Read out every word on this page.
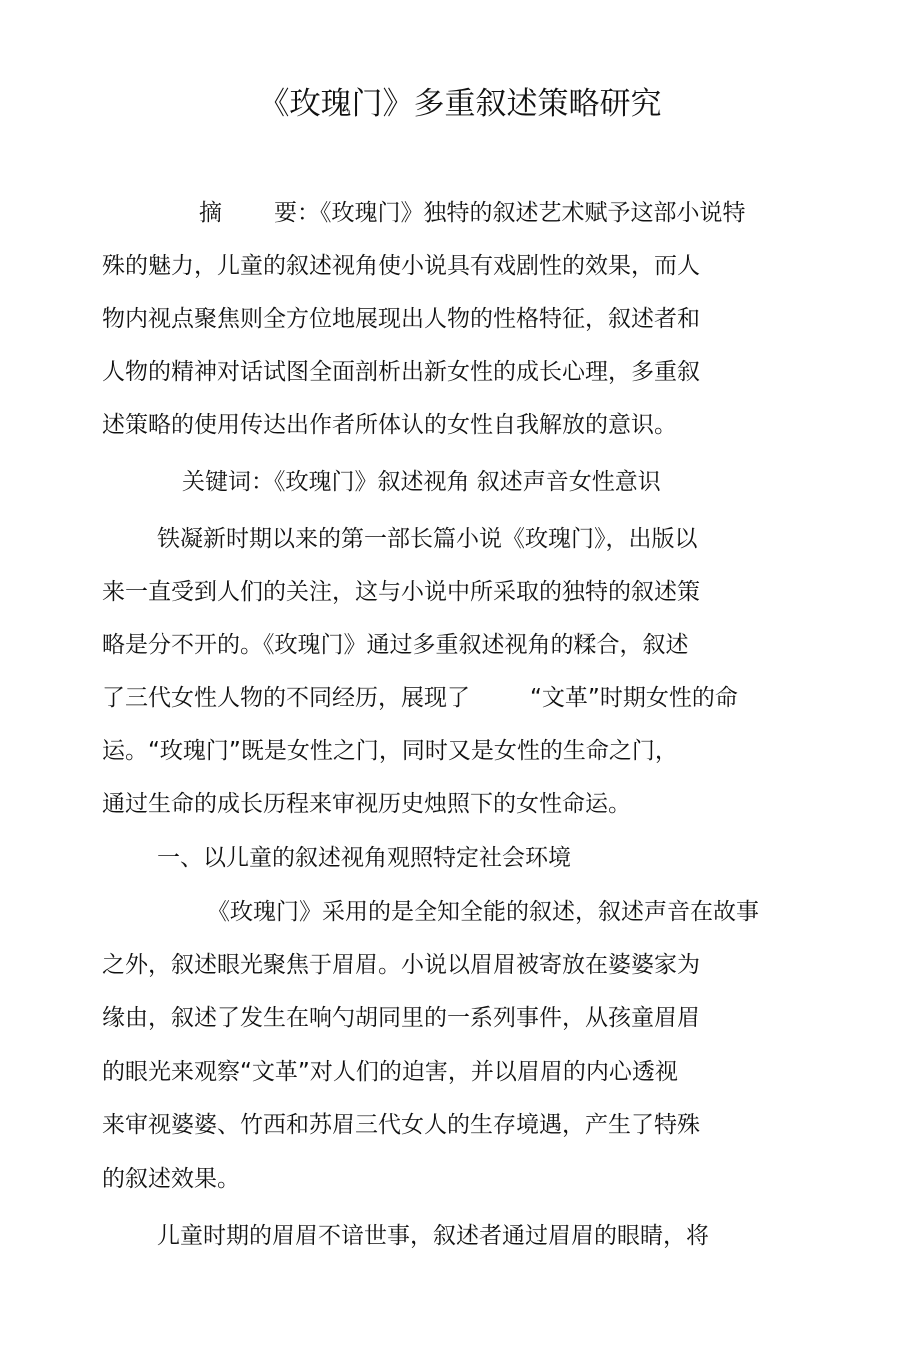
《玫瑰门》多重叙述策略研究
摘 要：《玫瑰门》独特的叙述艺术赋予这部小说特
殊的魅力，儿童的叙述视角使小说具有戏剧性的效果，而人
物内视点聚焦则全方位地展现出人物的性格特征，叙述者和
人物的精神对话试图全面剖析出新女性的成长心理，多重叙
述策略的使用传达出作者所体认的女性自我解放的意识。
关键词：《玫瑰门》叙述视角 叙述声音女性意识
铁凝新时期以来的第一部长篇小说《玫瑰门》，出版以
来一直受到人们的关注，这与小说中所采取的独特的叙述策
略是分不开的。《玫瑰门》通过多重叙述视角的糅合，叙述
了三代女性人物的不同经历，展现了	“文革”时期女性的命
运。“玫瑰门”既是女性之门，同时又是女性的生命之门，
通过生命的成长历程来审视历史烛照下的女性命运。
一、以儿童的叙述视角观照特定社会环境
《玫瑰门》采用的是全知全能的叙述，叙述声音在故事
之外，叙述眼光聚焦于眉眉。小说以眉眉被寄放在婆婆家为
缘由，叙述了发生在响勺胡同里的一系列事件，从孩童眉眉
的眼光来观察“文革”对人们的迫害，并以眉眉的内心透视
来审视婆婆、竹西和苏眉三代女人的生存境遇，产生了特殊
的叙述效果。
儿童时期的眉眉不谙世事，叙述者通过眉眉的眼睛，将
